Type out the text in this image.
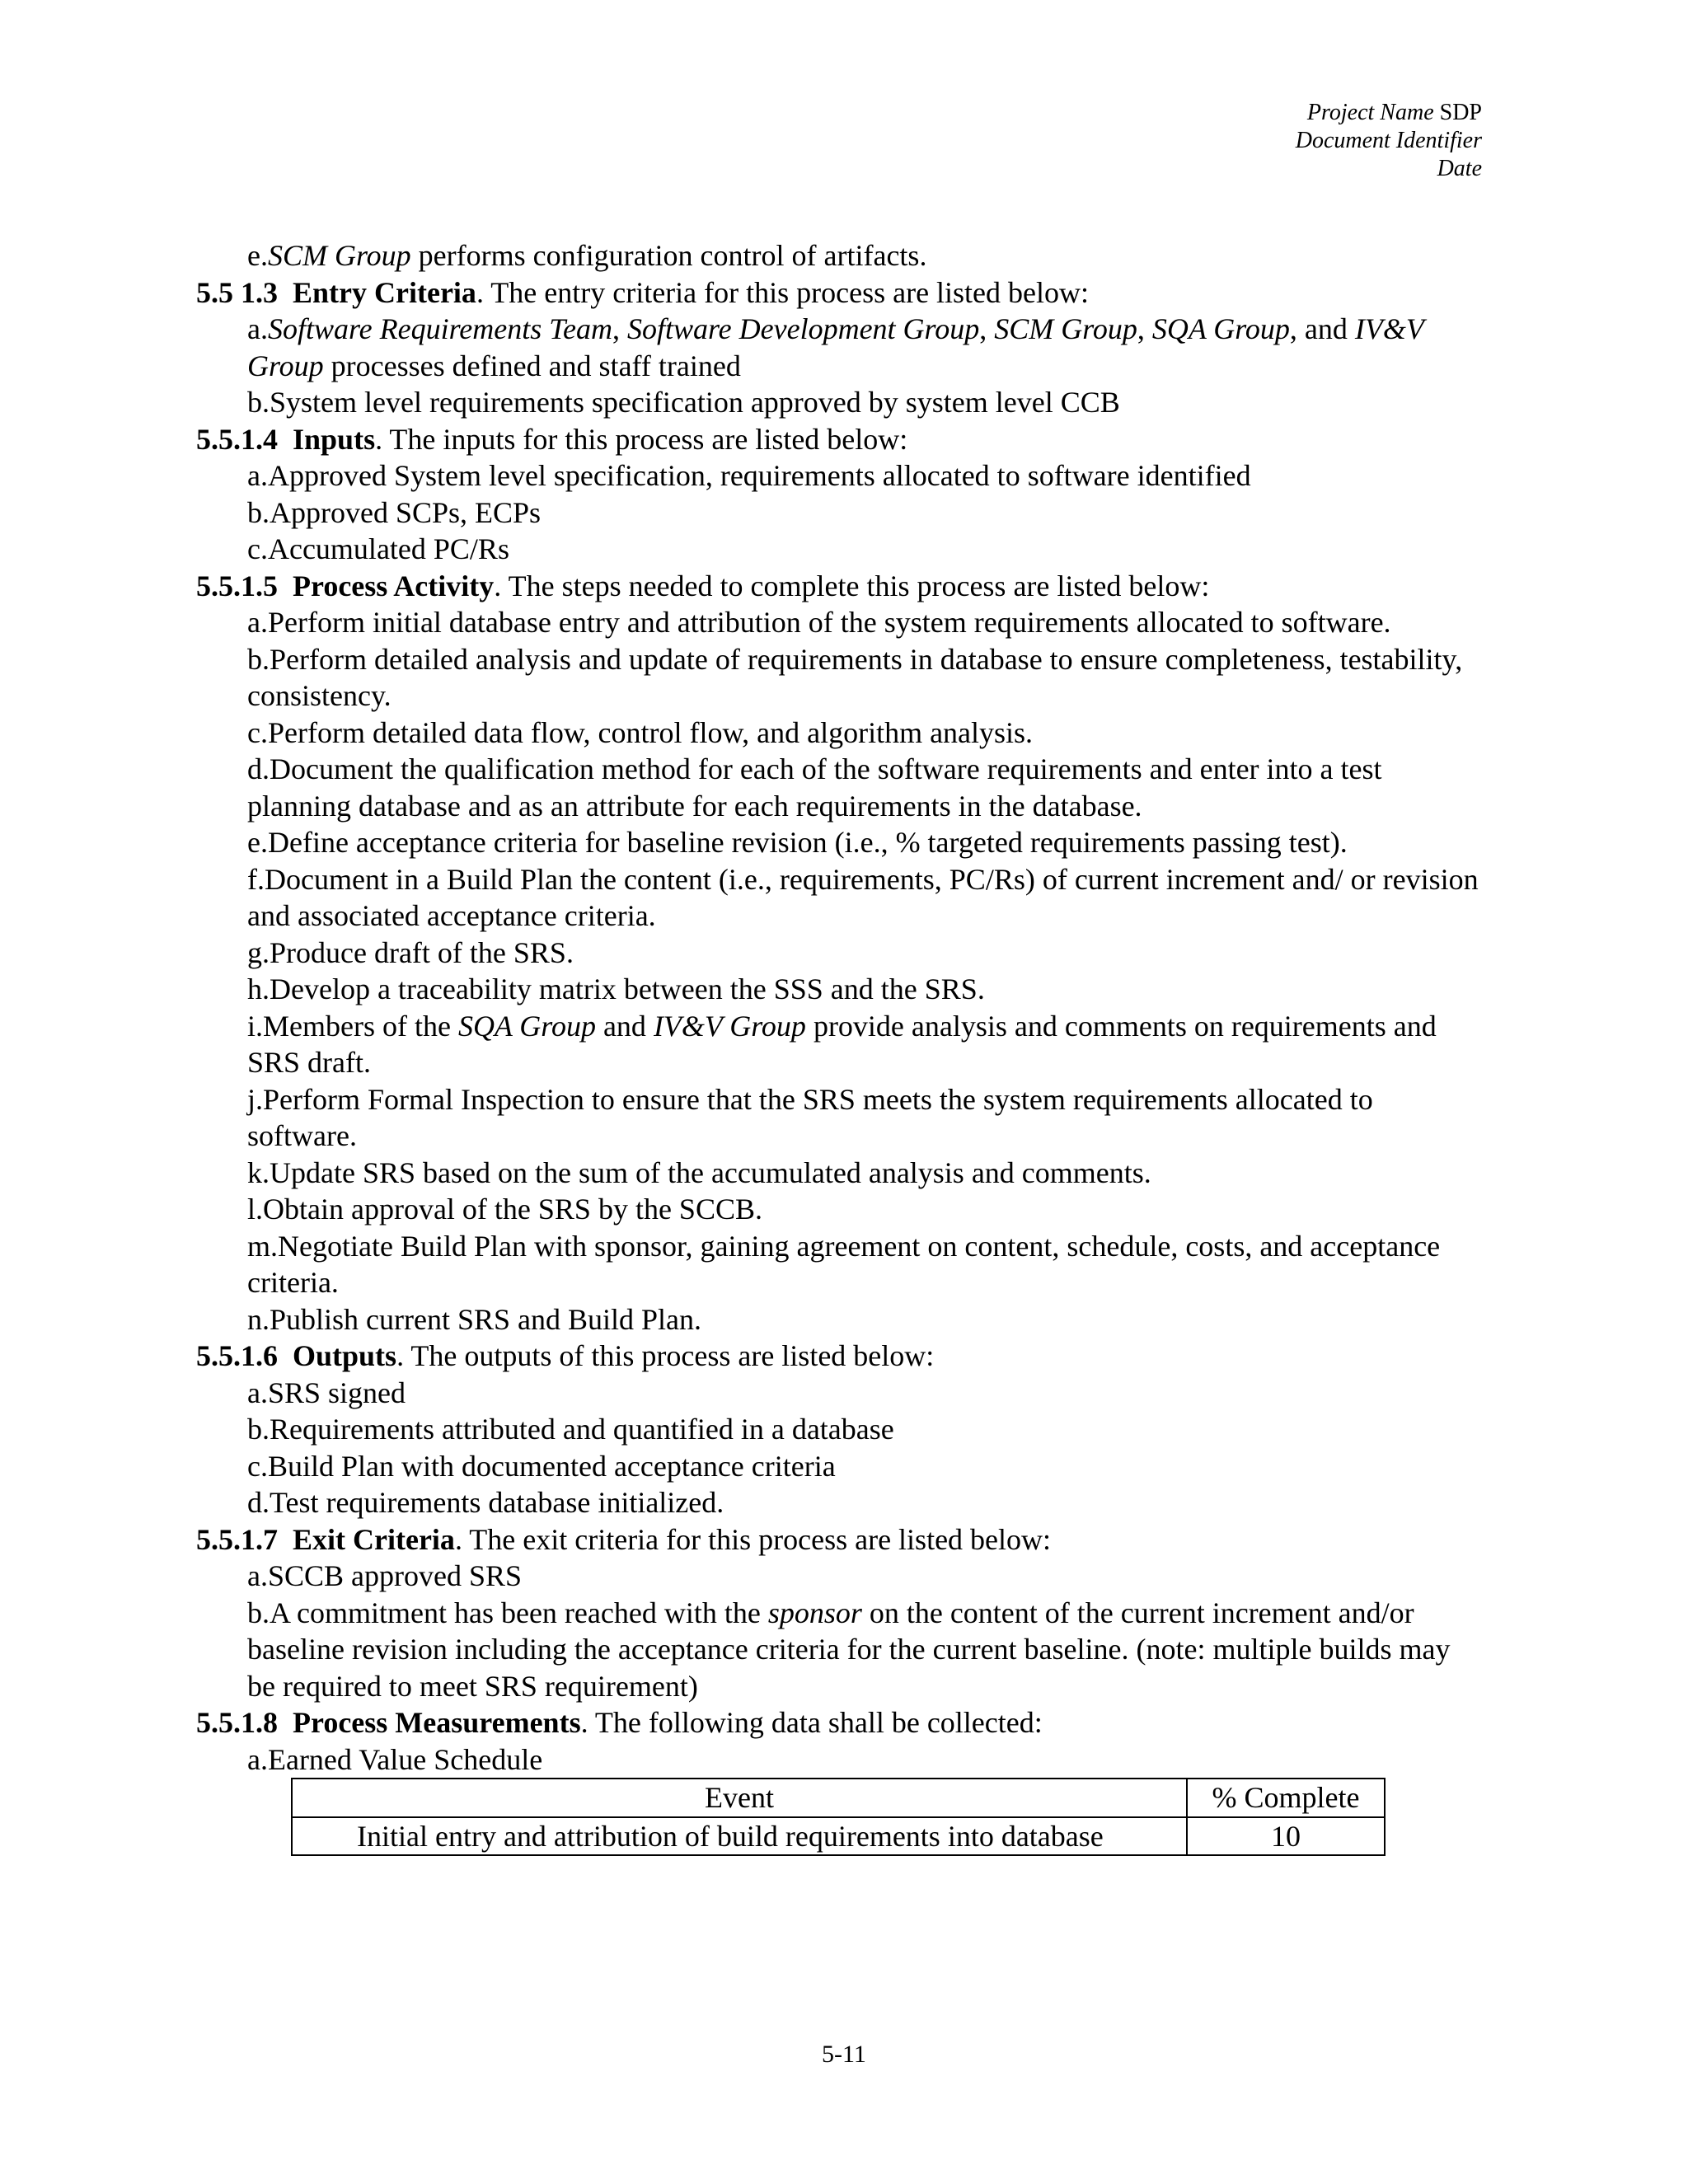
Project Name SDP
Document Identifier
Date

e.SCM Group performs configuration control of artifacts.

5.5 1.3 Entry Criteria. The entry criteria for this process are listed below:

a.Software Requirements Team, Software Development Group, SCM Group, SQA Group, and IV&V Group processes defined and staff trained

b.System level requirements specification approved by system level CCB

5.5.1.4 Inputs. The inputs for this process are listed below:

a.Approved System level specification, requirements allocated to software identified

b.Approved SCPs, ECPs

c.Accumulated PC/Rs

5.5.1.5 Process Activity. The steps needed to complete this process are listed below:

a.Perform initial database entry and attribution of the system requirements allocated to software.

b.Perform detailed analysis and update of requirements in database to ensure completeness, testability, consistency.

c.Perform detailed data flow, control flow, and algorithm analysis.

d.Document the qualification method for each of the software requirements and enter into a test planning database and as an attribute for each requirements in the database.

e.Define acceptance criteria for baseline revision (i.e., % targeted requirements passing test).

f.Document in a Build Plan the content (i.e., requirements, PC/Rs) of current increment and/ or revision and associated acceptance criteria.

g.Produce draft of the SRS.

h.Develop a traceability matrix between the SSS and the SRS.

i.Members of the SQA Group and IV&V Group provide analysis and comments on requirements and SRS draft.

j.Perform Formal Inspection to ensure that the SRS meets the system requirements allocated to software.

k.Update SRS based on the sum of the accumulated analysis and comments.

l.Obtain approval of the SRS by the SCCB.

m.Negotiate Build Plan with sponsor, gaining agreement on content, schedule, costs, and acceptance criteria.

n.Publish current SRS and Build Plan.

5.5.1.6 Outputs. The outputs of this process are listed below:

a.SRS signed

b.Requirements attributed and quantified in a database

c.Build Plan with documented acceptance criteria

d.Test requirements database initialized.

5.5.1.7 Exit Criteria. The exit criteria for this process are listed below:

a.SCCB approved SRS

b.A commitment has been reached with the sponsor on the content of the current increment and/or baseline revision including the acceptance criteria for the current baseline. (note: multiple builds may be required to meet SRS requirement)

5.5.1.8 Process Measurements. The following data shall be collected:

a.Earned Value Schedule

Event	% Complete
Initial entry and attribution of build requirements into database	10
5-11
